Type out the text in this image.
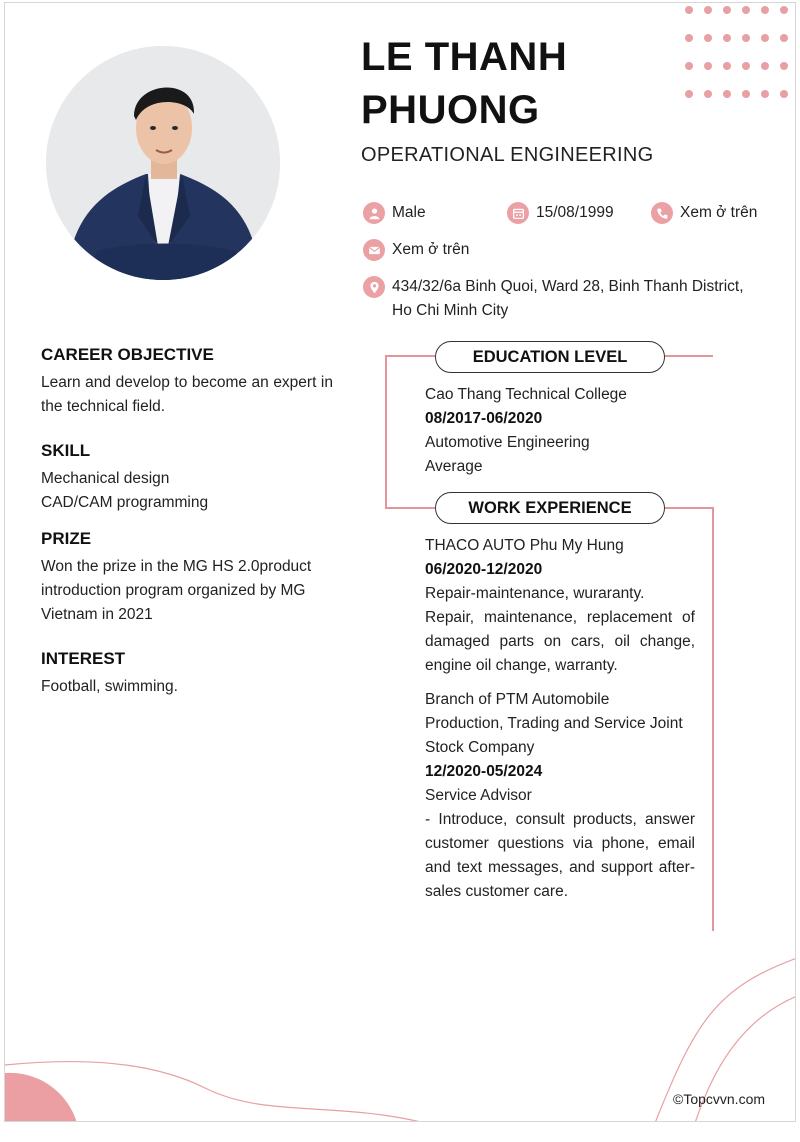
LE THANH
PHUONG
OPERATIONAL ENGINEERING
Male	15/08/1999	Xem ở trên
Xem ở trên
434/32/6a Binh Quoi, Ward 28, Binh Thanh District,
Ho Chi Minh City
CAREER OBJECTIVE
Learn and develop to become an expert in the technical field.
SKILL
Mechanical design
CAD/CAM programming
PRIZE
Won the prize in the MG HS 2.0product introduction program organized by MG Vietnam in 2021
INTEREST
Football, swimming.
EDUCATION LEVEL
Cao Thang Technical College
08/2017-06/2020
Automotive Engineering
Average
WORK EXPERIENCE
THACO AUTO Phu My Hung
06/2020-12/2020
Repair-maintenance, wuraranty.
Repair, maintenance, replacement of damaged parts on cars, oil change, engine oil change, warranty.
Branch of PTM Automobile
Production, Trading and Service Joint
Stock Company
12/2020-05/2024
Service Advisor
- Introduce, consult products, answer customer questions via phone, email and text messages, and support after-sales customer care.
©Topcvvn.com
